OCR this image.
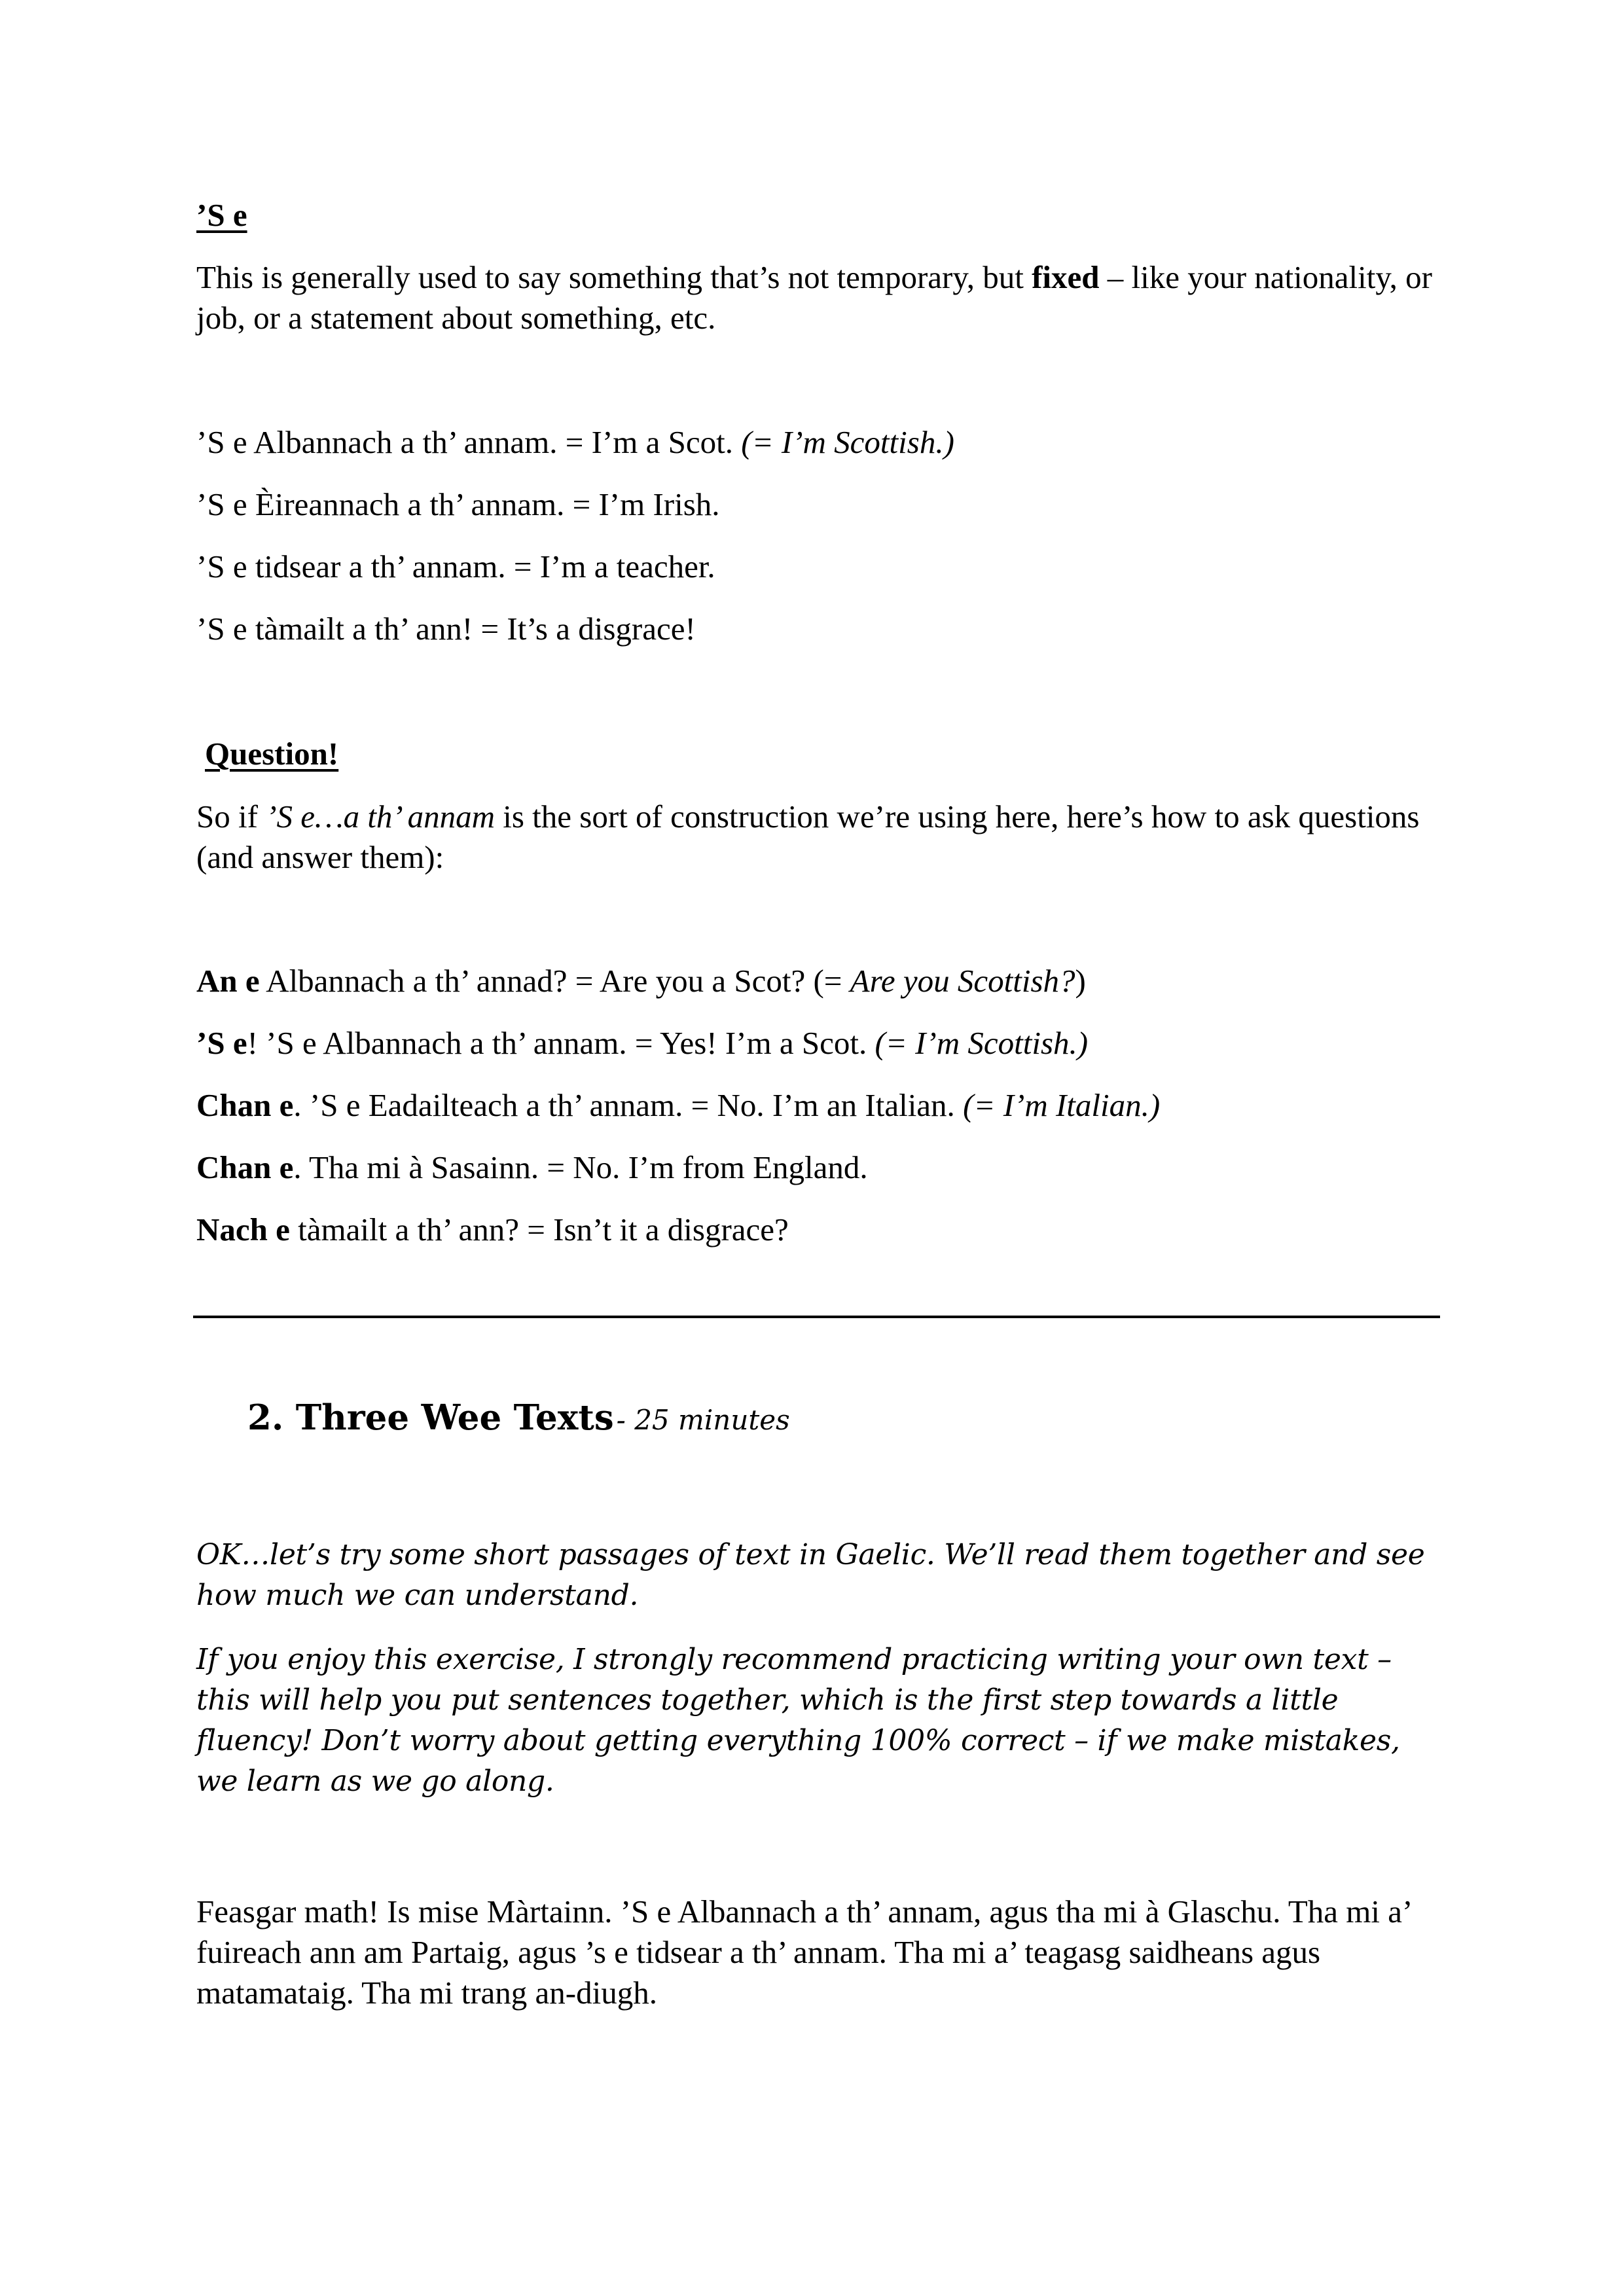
’S e

This is generally used to say something that’s not temporary, but fixed – like your nationality, or job, or a statement about something, etc.

’S e Albannach a th’ annam. = I’m a Scot. (= I’m Scottish.)

’S e Èireannach a th’ annam. = I’m Irish.

’S e tidsear a th’ annam. = I’m a teacher.

’S e tàmailt a th’ ann! = It’s a disgrace!

Question!

So if ’S e…a th’ annam is the sort of construction we’re using here, here’s how to ask questions (and answer them):

An e Albannach a th’ annad? = Are you a Scot? (= Are you Scottish?)

’S e! ’S e Albannach a th’ annam. = Yes! I’m a Scot. (= I’m Scottish.)

Chan e. ’S e Eadailteach a th’ annam. = No. I’m an Italian. (= I’m Italian.)

Chan e. Tha mi à Sasainn. = No. I’m from England.

Nach e tàmailt a th’ ann? = Isn’t it a disgrace?

2. Three Wee Texts - 25 minutes

OK…let’s try some short passages of text in Gaelic. We’ll read them together and see how much we can understand.

If you enjoy this exercise, I strongly recommend practicing writing your own text – this will help you put sentences together, which is the first step towards a little fluency! Don’t worry about getting everything 100% correct – if we make mistakes, we learn as we go along.

Feasgar math! Is mise Màrtainn. ’S e Albannach a th’ annam, agus tha mi à Glaschu. Tha mi a’ fuireach ann am Partaig, agus ’s e tidsear a th’ annam. Tha mi a’ teagasg saidheans agus matamataig. Tha mi trang an-diugh.
